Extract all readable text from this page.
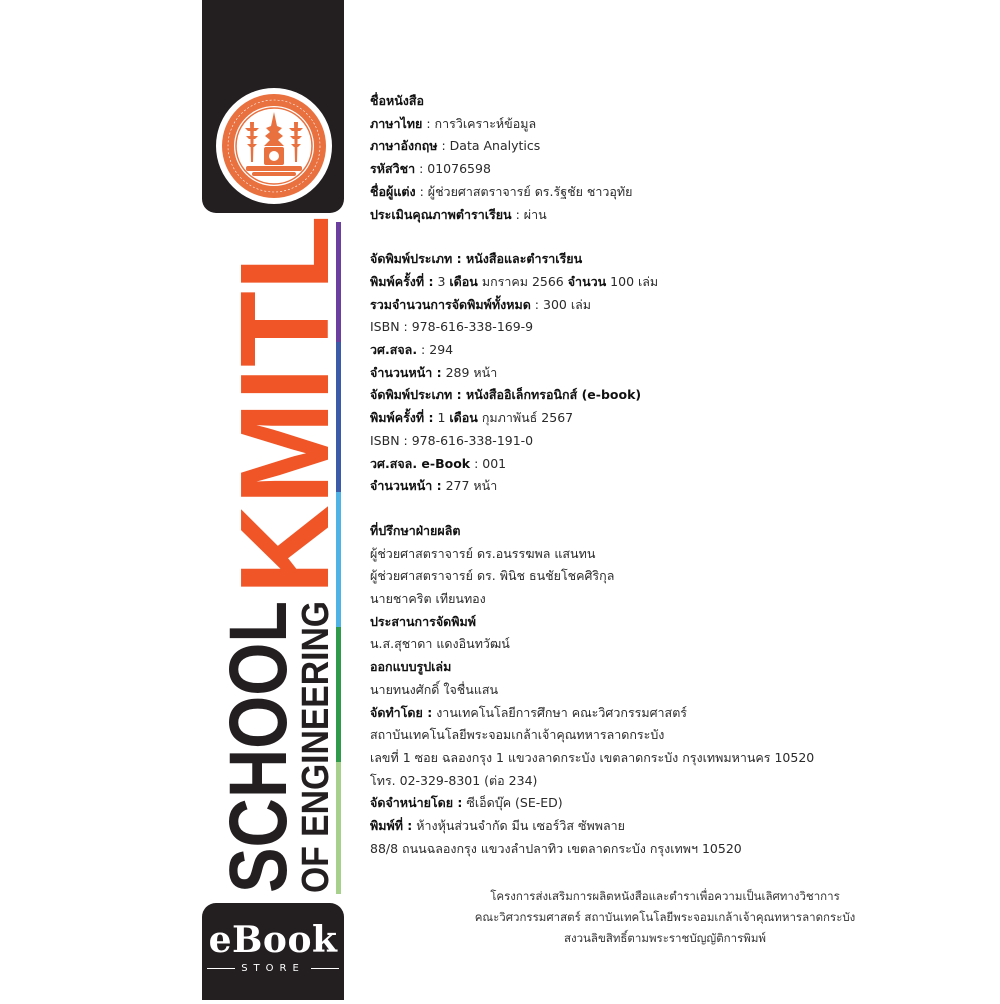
KMITL
SCHOOL
OF ENGINEERING
eBook
STORE
ชื่อหนังสือ
ภาษาไทย : การวิเคราะห์ข้อมูล
ภาษาอังกฤษ : Data Analytics
รหัสวิชา : 01076598
ชื่อผู้แต่ง : ผู้ช่วยศาสตราจารย์ ดร.รัฐชัย ชาวอุทัย
ประเมินคุณภาพตำราเรียน : ผ่าน
จัดพิมพ์ประเภท : หนังสือและตำราเรียน
พิมพ์ครั้งที่ : 3 เดือน มกราคม 2566 จำนวน 100 เล่ม
รวมจำนวนการจัดพิมพ์ทั้งหมด : 300 เล่ม
ISBN : 978-616-338-169-9
วศ.สจล. : 294
จำนวนหน้า : 289 หน้า
จัดพิมพ์ประเภท : หนังสืออิเล็กทรอนิกส์ (e-book)
พิมพ์ครั้งที่ : 1 เดือน กุมภาพันธ์ 2567
ISBN : 978-616-338-191-0
วศ.สจล. e-Book : 001
จำนวนหน้า : 277 หน้า
ที่ปรึกษาฝ่ายผลิต
ผู้ช่วยศาสตราจารย์ ดร.อนรรฆพล แสนทน
ผู้ช่วยศาสตราจารย์ ดร. พินิช ธนชัยโชคศิริกุล
นายชาคริต เทียนทอง
ประสานการจัดพิมพ์
น.ส.สุชาดา แดงอินทวัฒน์
ออกแบบรูปเล่ม
นายทนงศักดิ์ ใจชื่นแสน
จัดทำโดย : งานเทคโนโลยีการศึกษา คณะวิศวกรรมศาสตร์
สถาบันเทคโนโลยีพระจอมเกล้าเจ้าคุณทหารลาดกระบัง
เลขที่ 1 ซอย ฉลองกรุง 1 แขวงลาดกระบัง เขตลาดกระบัง กรุงเทพมหานคร 10520
โทร. 02-329-8301 (ต่อ 234)
จัดจำหน่ายโดย : ซีเอ็ดบุ๊ค (SE-ED)
พิมพ์ที่ : ห้างหุ้นส่วนจำกัด มีน เซอร์วิส ซัพพลาย
88/8 ถนนฉลองกรุง แขวงลำปลาทิว เขตลาดกระบัง กรุงเทพฯ 10520
โครงการส่งเสริมการผลิตหนังสือและตำราเพื่อความเป็นเลิศทางวิชาการ
คณะวิศวกรรมศาสตร์ สถาบันเทคโนโลยีพระจอมเกล้าเจ้าคุณทหารลาดกระบัง
สงวนลิขสิทธิ์ตามพระราชบัญญัติการพิมพ์
